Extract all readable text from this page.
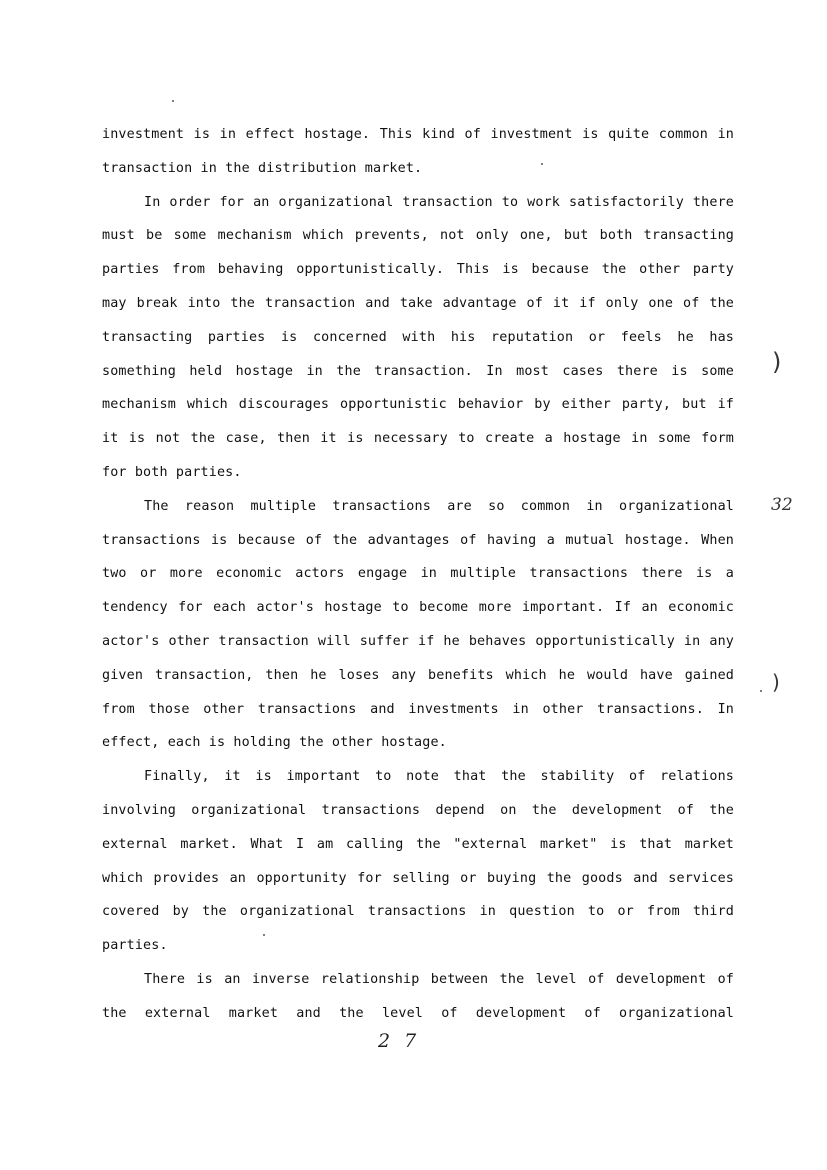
investment is in effect hostage. This kind of investment is quite common in
transaction in the distribution market.
In order for an organizational transaction to work satisfactorily there
must be some mechanism which prevents, not only one, but both transacting
parties from behaving opportunistically. This is because the other party
may break into the transaction and take advantage of it if only one of the
transacting parties is concerned with his reputation or feels he has
something held hostage in the transaction. In most cases there is some
mechanism which discourages opportunistic behavior by either party, but if
it is not the case, then it is necessary to create a hostage in some form
for both parties.
The reason multiple transactions are so common in organizational
transactions is because of the advantages of having a mutual hostage. When
two or more economic actors engage in multiple transactions there is a
tendency for each actor's hostage to become more important. If an economic
actor's other transaction will suffer if he behaves opportunistically in any
given transaction, then he loses any benefits which he would have gained
from those other transactions and investments in other transactions. In
effect, each is holding the other hostage.
Finally, it is important to note that the stability of relations
involving organizational transactions depend on the development of the
external market. What I am calling the "external market" is that market
which provides an opportunity for selling or buying the goods and services
covered by the organizational transactions in question to or from third
parties.
There is an inverse relationship between the level of development of
the external market and the level of development of organizational
32
)
)
2 7
